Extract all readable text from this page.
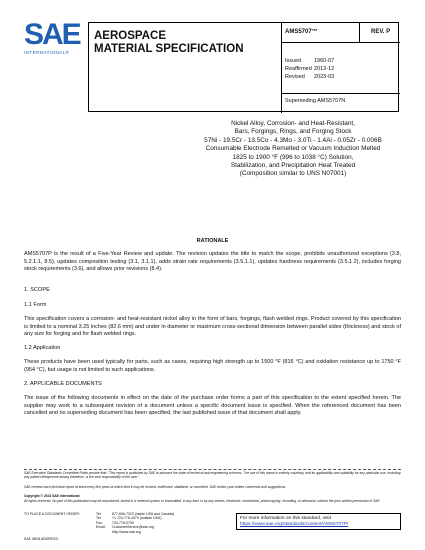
SAE
INTERNATIONAL®
AEROSPACE
MATERIAL SPECIFICATION
AMS5707™	REV. P
Issued	1960-07
Reaffirmed 2013-12
Revised	2023-03
Superseding AMS5707N
Nickel Alloy, Corrosion- and Heat-Resistant,
Bars, Forgings, Rings, and Forging Stock
57Ni - 19.5Cr - 13.5Co - 4.3Mo - 3.0Ti - 1.4Al - 0.05Zr - 0.006B
Consumable Electrode Remelted or Vacuum Induction Melted
1825 to 1900 °F (996 to 1038 °C) Solution,
Stabilization, and Precipitation Heat Treated
(Composition similar to UNS N07001)
RATIONALE
AMS5707P is the result of a Five-Year Review and update. The revision updates the title to match the scope, prohibits unauthorized exceptions (3.8, 5.2.1.1, 8.5), updates composition testing (3.1, 3.1.1), adds strain rate requirements (3.5.1.1), updates hardness requirements (3.5.1.2), includes forging stock requirements (3.6), and allows prior revisions (8.4).
1. SCOPE
1.1 Form
This specification covers a corrosion- and heat-resistant nickel alloy in the form of bars, forgings, flash welded rings. Product covered by this specification is limited to a nominal 3.25 inches (82.6 mm) and under in diameter or maximum cross-sectional dimension between parallel sides (thickness) and stock of any size for forging and for flash welded rings.
1.2 Application
These products have been used typically for parts, such as cases, requiring high strength up to 1500 °F (816 °C) and oxidation resistance up to 1750 °F (954 °C), but usage is not limited to such applications.
2. APPLICABLE DOCUMENTS
The issue of the following documents in effect on the date of the purchase order forms a part of this specification to the extent specified herein. The supplier may work to a subsequent revision of a document unless a specific document issue is specified. When the referenced document has been cancelled and no superseding document has been specified, the last published issue of that document shall apply.
SAE Executive Standards Committee Rules provide that: "This report is published by SAE to advance the state of technical and engineering sciences. The use of this report is entirely voluntary, and its applicability and suitability for any particular use, including any patent infringement arising therefrom, is the sole responsibility of the user."
SAE reviews each technical report at least every five years at which time it may be revised, reaffirmed, stabilized, or cancelled. SAE invites your written comments and suggestions.
Copyright © 2023 SAE International
All rights reserved. No part of this publication may be reproduced, stored in a retrieval system or transmitted, in any form or by any means, electronic, mechanical, photocopying, recording, or otherwise, without the prior written permission of SAE.
TO PLACE A DOCUMENT ORDER:	Tel:	877-606-7323 (inside USA and Canada)
Tel:	+1 724-776-4970 (outside USA)
Fax:	724-776-0790
Email:	CustomerService@sae.org
http://www.sae.org
For more information on this standard, visit
https://www.sae.org/standards/content/AMS5707P/
SAE WEB ADDRESS:
